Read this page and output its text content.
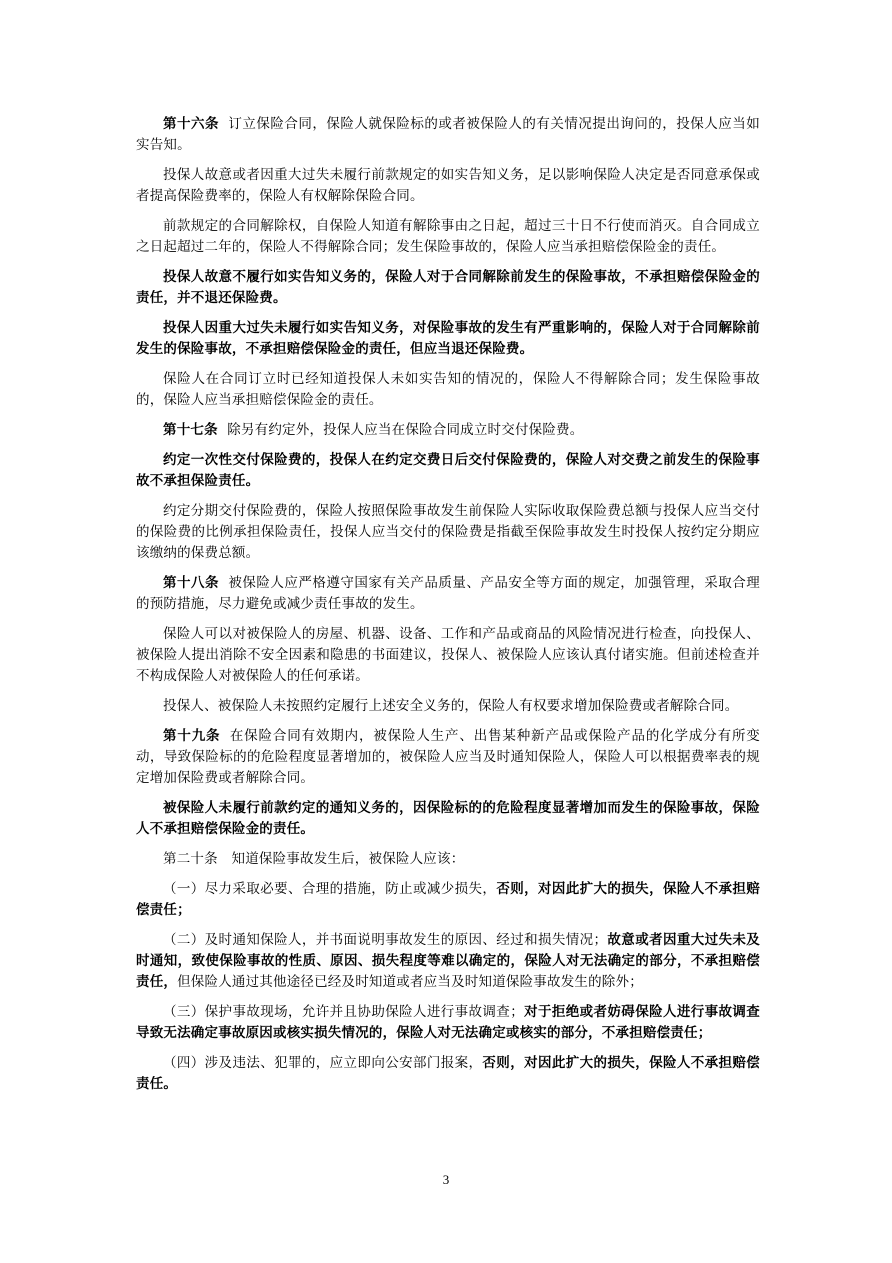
第十六条 订立保险合同，保险人就保险标的或者被保险人的有关情况提出询问的，投保人应当如实告知。

投保人故意或者因重大过失未履行前款规定的如实告知义务，足以影响保险人决定是否同意承保或者提高保险费率的，保险人有权解除保险合同。

前款规定的合同解除权，自保险人知道有解除事由之日起，超过三十日不行使而消灭。自合同成立之日起超过二年的，保险人不得解除合同；发生保险事故的，保险人应当承担赔偿保险金的责任。

投保人故意不履行如实告知义务的，保险人对于合同解除前发生的保险事故，不承担赔偿保险金的责任，并不退还保险费。

投保人因重大过失未履行如实告知义务，对保险事故的发生有严重影响的，保险人对于合同解除前发生的保险事故，不承担赔偿保险金的责任，但应当退还保险费。

保险人在合同订立时已经知道投保人未如实告知的情况的，保险人不得解除合同；发生保险事故的，保险人应当承担赔偿保险金的责任。

第十七条 除另有约定外，投保人应当在保险合同成立时交付保险费。

约定一次性交付保险费的，投保人在约定交费日后交付保险费的，保险人对交费之前发生的保险事故不承担保险责任。

约定分期交付保险费的，保险人按照保险事故发生前保险人实际收取保险费总额与投保人应当交付的保险费的比例承担保险责任，投保人应当交付的保险费是指截至保险事故发生时投保人按约定分期应该缴纳的保费总额。

第十八条 被保险人应严格遵守国家有关产品质量、产品安全等方面的规定，加强管理，采取合理的预防措施，尽力避免或减少责任事故的发生。

保险人可以对被保险人的房屋、机器、设备、工作和产品或商品的风险情况进行检查，向投保人、被保险人提出消除不安全因素和隐患的书面建议，投保人、被保险人应该认真付诸实施。但前述检查并不构成保险人对被保险人的任何承诺。

投保人、被保险人未按照约定履行上述安全义务的，保险人有权要求增加保险费或者解除合同。

第十九条 在保险合同有效期内，被保险人生产、出售某种新产品或保险产品的化学成分有所变动，导致保险标的的危险程度显著增加的，被保险人应当及时通知保险人，保险人可以根据费率表的规定增加保险费或者解除合同。

被保险人未履行前款约定的通知义务的，因保险标的的危险程度显著增加而发生的保险事故，保险人不承担赔偿保险金的责任。

第二十条　知道保险事故发生后，被保险人应该：

（一）尽力采取必要、合理的措施，防止或减少损失，否则，对因此扩大的损失，保险人不承担赔偿责任；

（二）及时通知保险人，并书面说明事故发生的原因、经过和损失情况；故意或者因重大过失未及时通知，致使保险事故的性质、原因、损失程度等难以确定的，保险人对无法确定的部分，不承担赔偿责任，但保险人通过其他途径已经及时知道或者应当及时知道保险事故发生的除外；

（三）保护事故现场，允许并且协助保险人进行事故调查；对于拒绝或者妨碍保险人进行事故调查导致无法确定事故原因或核实损失情况的，保险人对无法确定或核实的部分，不承担赔偿责任；

（四）涉及违法、犯罪的，应立即向公安部门报案，否则，对因此扩大的损失，保险人不承担赔偿责任。

3
